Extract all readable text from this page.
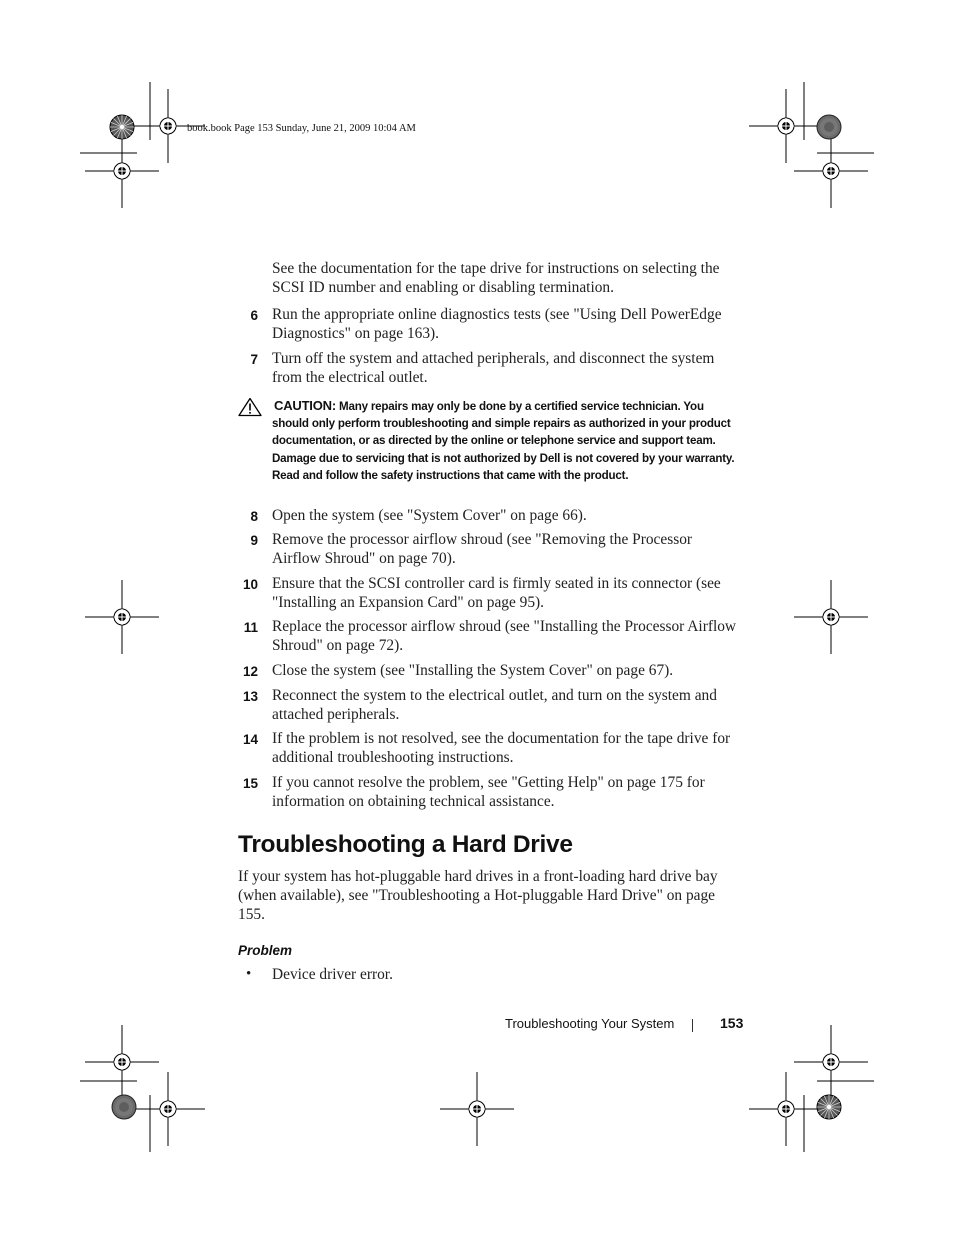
book.book Page 153 Sunday, June 21, 2009 10:04 AM
See the documentation for the tape drive for instructions on selecting the SCSI ID number and enabling or disabling termination.
6 Run the appropriate online diagnostics tests (see "Using Dell PowerEdge Diagnostics" on page 163).
7 Turn off the system and attached peripherals, and disconnect the system from the electrical outlet.
CAUTION: Many repairs may only be done by a certified service technician. You should only perform troubleshooting and simple repairs as authorized in your product documentation, or as directed by the online or telephone service and support team. Damage due to servicing that is not authorized by Dell is not covered by your warranty. Read and follow the safety instructions that came with the product.
8 Open the system (see "System Cover" on page 66).
9 Remove the processor airflow shroud (see "Removing the Processor Airflow Shroud" on page 70).
10 Ensure that the SCSI controller card is firmly seated in its connector (see "Installing an Expansion Card" on page 95).
11 Replace the processor airflow shroud (see "Installing the Processor Airflow Shroud" on page 72).
12 Close the system (see "Installing the System Cover" on page 67).
13 Reconnect the system to the electrical outlet, and turn on the system and attached peripherals.
14 If the problem is not resolved, see the documentation for the tape drive for additional troubleshooting instructions.
15 If you cannot resolve the problem, see "Getting Help" on page 175 for information on obtaining technical assistance.
Troubleshooting a Hard Drive
If your system has hot-pluggable hard drives in a front-loading hard drive bay (when available), see "Troubleshooting a Hot-pluggable Hard Drive" on page 155.
Problem
• Device driver error.
Troubleshooting Your System	153
